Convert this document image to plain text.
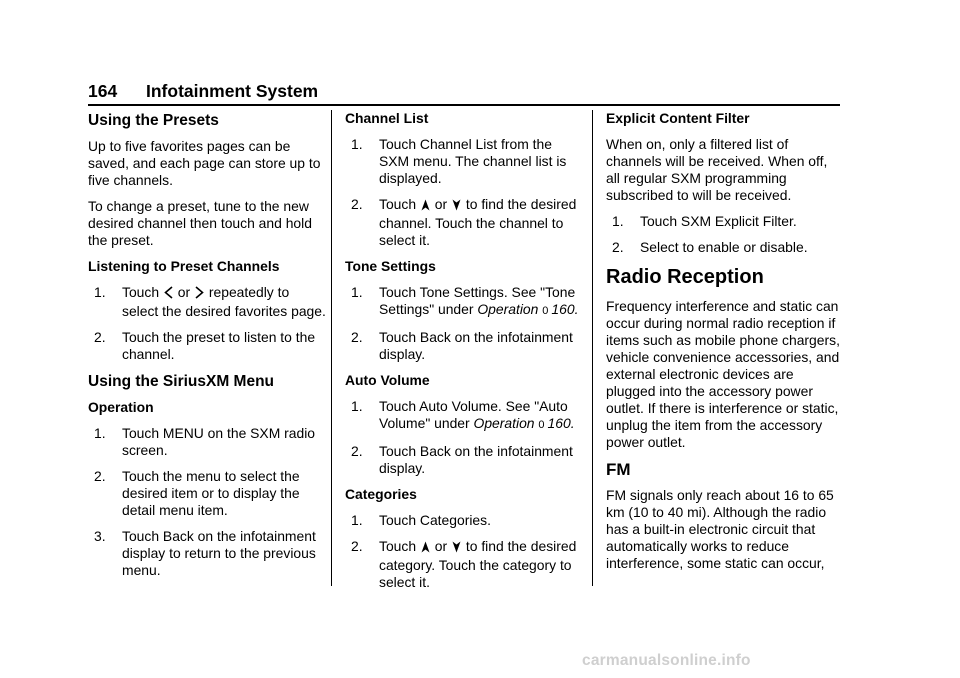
164 Infotainment System
Using the Presets

Up to five favorites pages can be saved, and each page can store up to five channels.

To change a preset, tune to the new desired channel then touch and hold the preset.

Listening to Preset Channels
1. Touch or repeatedly to select the desired favorites page.
2. Touch the preset to listen to the channel.
Using the SiriusXM Menu
Operation
1. Touch MENU on the SXM radio screen.
2. Touch the menu to select the desired item or to display the detail menu item.
3. Touch Back on the infotainment display to return to the previous menu.
Channel List
1. Touch Channel List from the SXM menu. The channel list is displayed.
2. Touch or to find the desired channel. Touch the channel to select it.
Tone Settings
1. Touch Tone Settings. See "Tone Settings" under Operation 0 160.
2. Touch Back on the infotainment display.
Auto Volume
1. Touch Auto Volume. See "Auto Volume" under Operation 0 160.
2. Touch Back on the infotainment display.
Categories
1. Touch Categories.
2. Touch or to find the desired category. Touch the category to select it.
Explicit Content Filter

When on, only a filtered list of channels will be received. When off, all regular SXM programming subscribed to will be received.

1. Touch SXM Explicit Filter.
2. Select to enable or disable.
Radio Reception

Frequency interference and static can occur during normal radio reception if items such as mobile phone chargers, vehicle convenience accessories, and external electronic devices are plugged into the accessory power outlet. If there is interference or static, unplug the item from the accessory power outlet.

FM

FM signals only reach about 16 to 65 km (10 to 40 mi). Although the radio has a built-in electronic circuit that automatically works to reduce interference, some static can occur,

carmanualsonline.info
